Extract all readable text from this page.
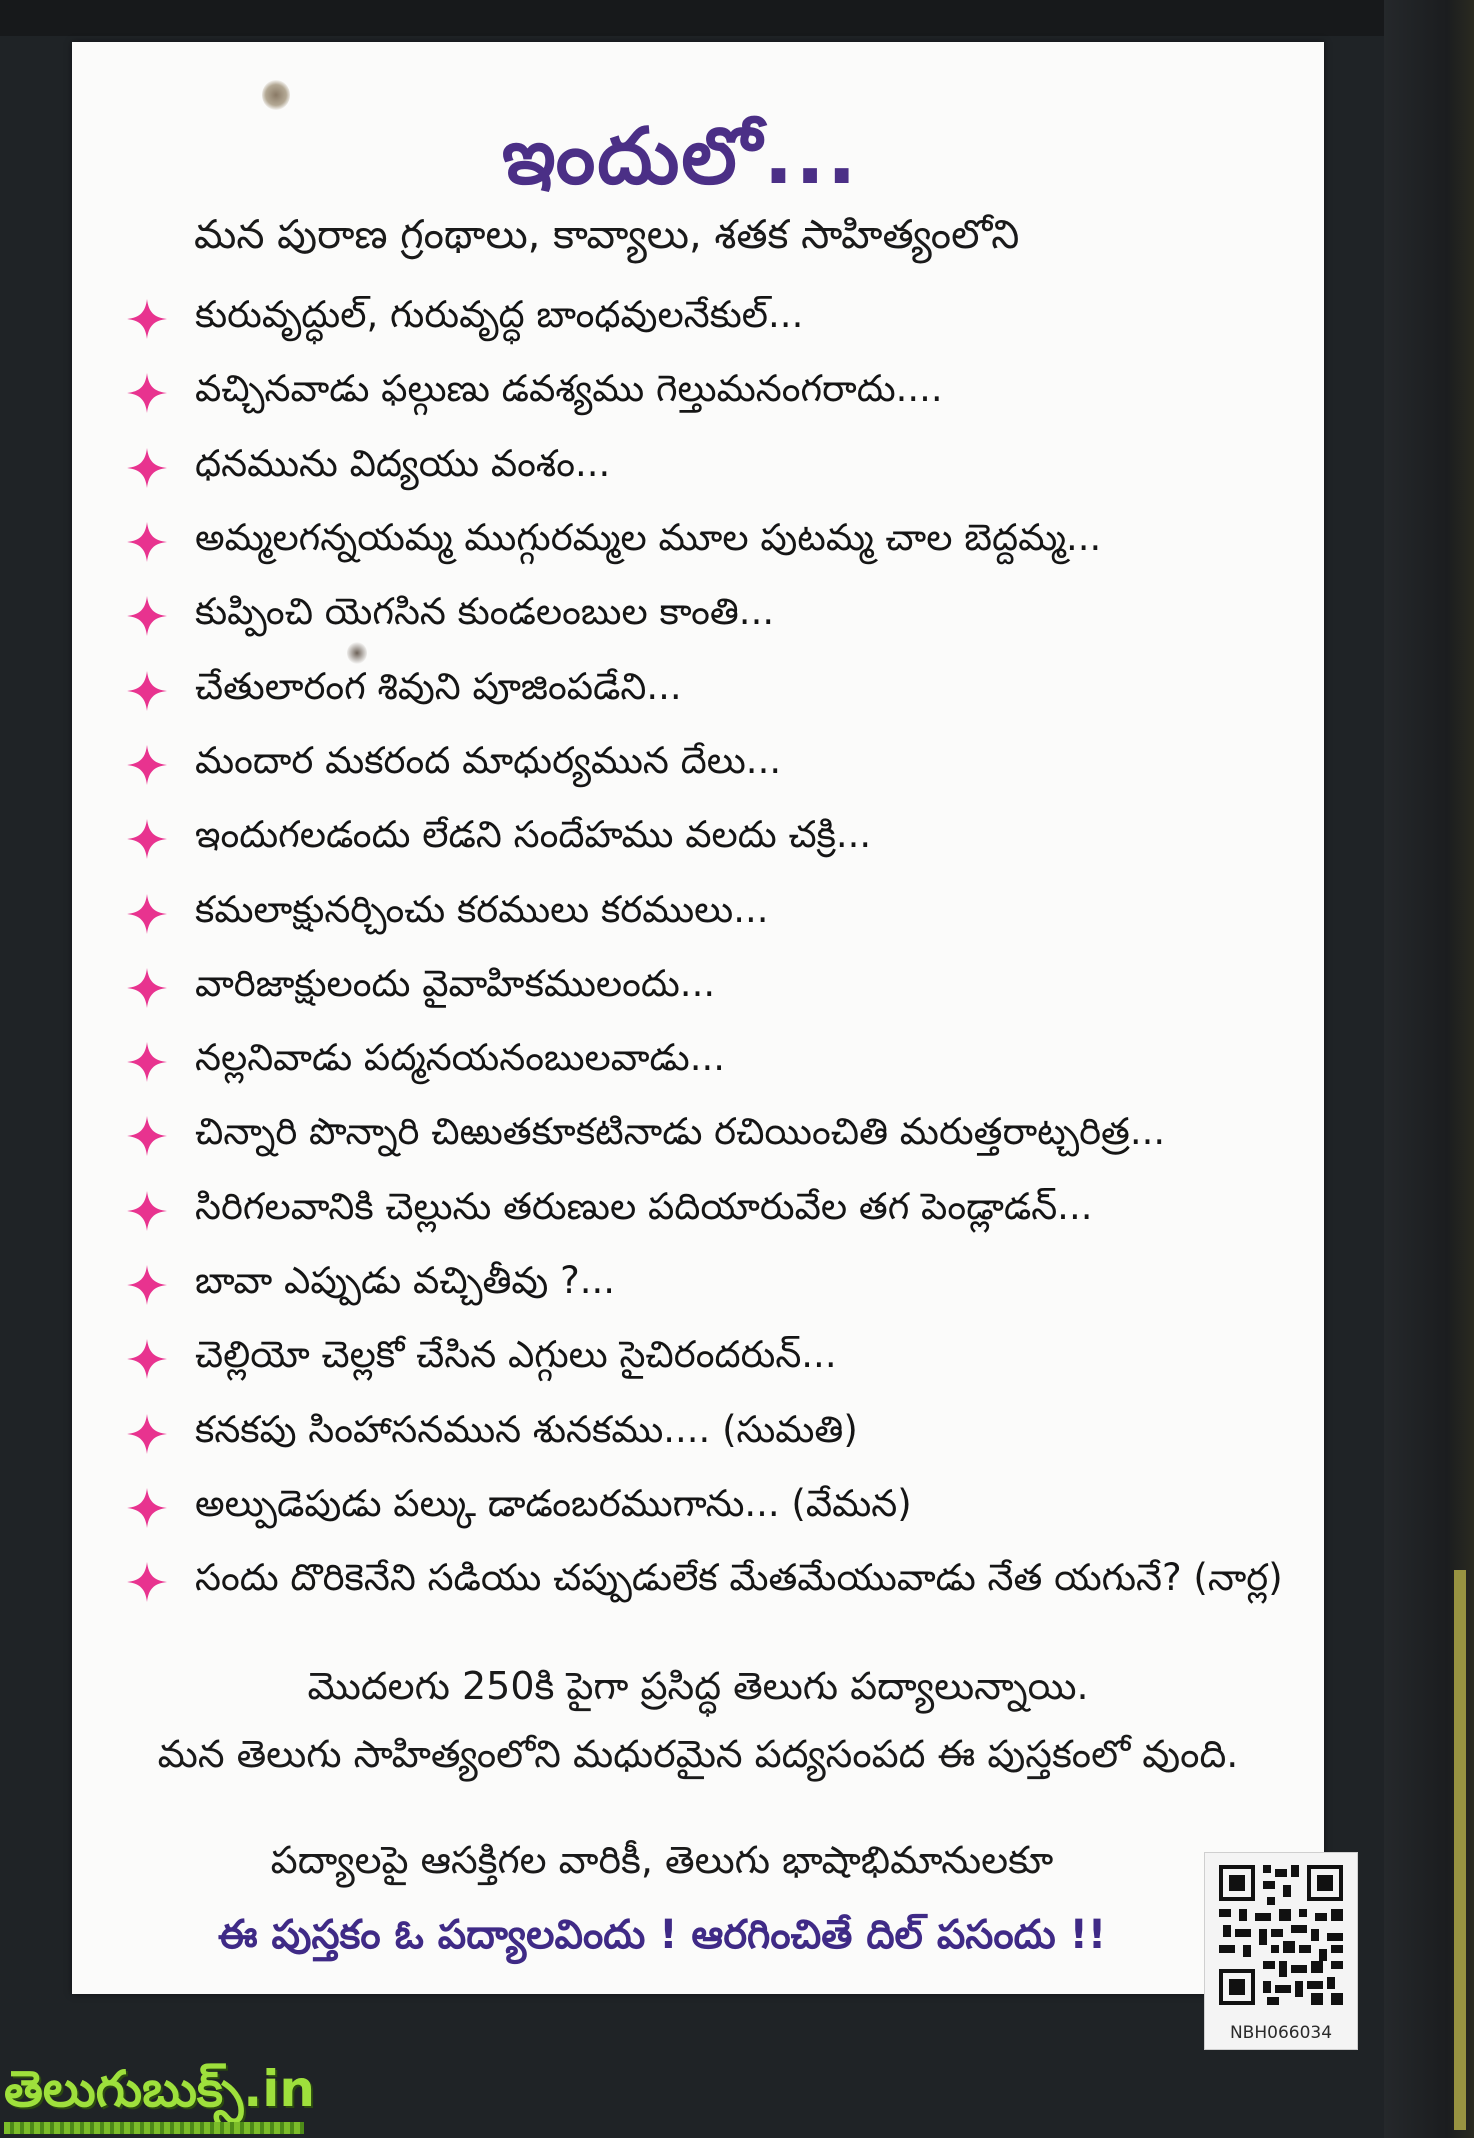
ఇందులో...
మన పురాణ గ్రంథాలు, కావ్యాలు, శతక సాహిత్యంలోని
కురువృద్ధుల్, గురువృద్ధ బాంధవులనేకుల్...
వచ్చినవాడు ఫల్గుణు డవశ్యము గెల్తుమనంగరాదు....
ధనమును విద్యయు వంశం...
అమ్మలగన్నయమ్మ ముగ్గురమ్మల మూల పుటమ్మ చాల బెద్దమ్మ...
కుప్పించి యెగసిన కుండలంబుల కాంతి...
చేతులారంగ శివుని పూజింపడేని...
మందార మకరంద మాధుర్యమున దేలు...
ఇందుగలడందు లేడని సందేహము వలదు చక్రి...
కమలాక్షునర్చించు కరములు కరములు...
వారిజాక్షులందు వైవాహికములందు...
నల్లనివాడు పద్మనయనంబులవాడు...
చిన్నారి పొన్నారి చిఱుతకూకటినాడు రచియించితి మరుత్తరాట్చరిత్ర...
సిరిగలవానికి చెల్లును తరుణుల పదియారువేల తగ పెండ్లాడన్...
బావా ఎప్పుడు వచ్చితీవు ?...
చెల్లియో చెల్లకో చేసిన ఎగ్గులు సైచిరందరున్...
కనకపు సింహాసనమున శునకము.... (సుమతి)
అల్పుడెపుడు పల్కు డాడంబరముగాను... (వేమన)
సందు దొరికెనేని సడియు చప్పుడులేక మేతమేయువాడు నేత యగునే? (నార్ల)
మొదలగు 250కి పైగా ప్రసిద్ధ తెలుగు పద్యాలున్నాయి.
మన తెలుగు సాహిత్యంలోని మధురమైన పద్యసంపద ఈ పుస్తకంలో వుంది.
పద్యాలపై ఆసక్తిగల వారికీ, తెలుగు భాషాభిమానులకూ
ఈ పుస్తకం ఓ పద్యాలవిందు ! ఆరగించితే దిల్ పసందు !!
NBH066034
తెలుగుబుక్స్.in
